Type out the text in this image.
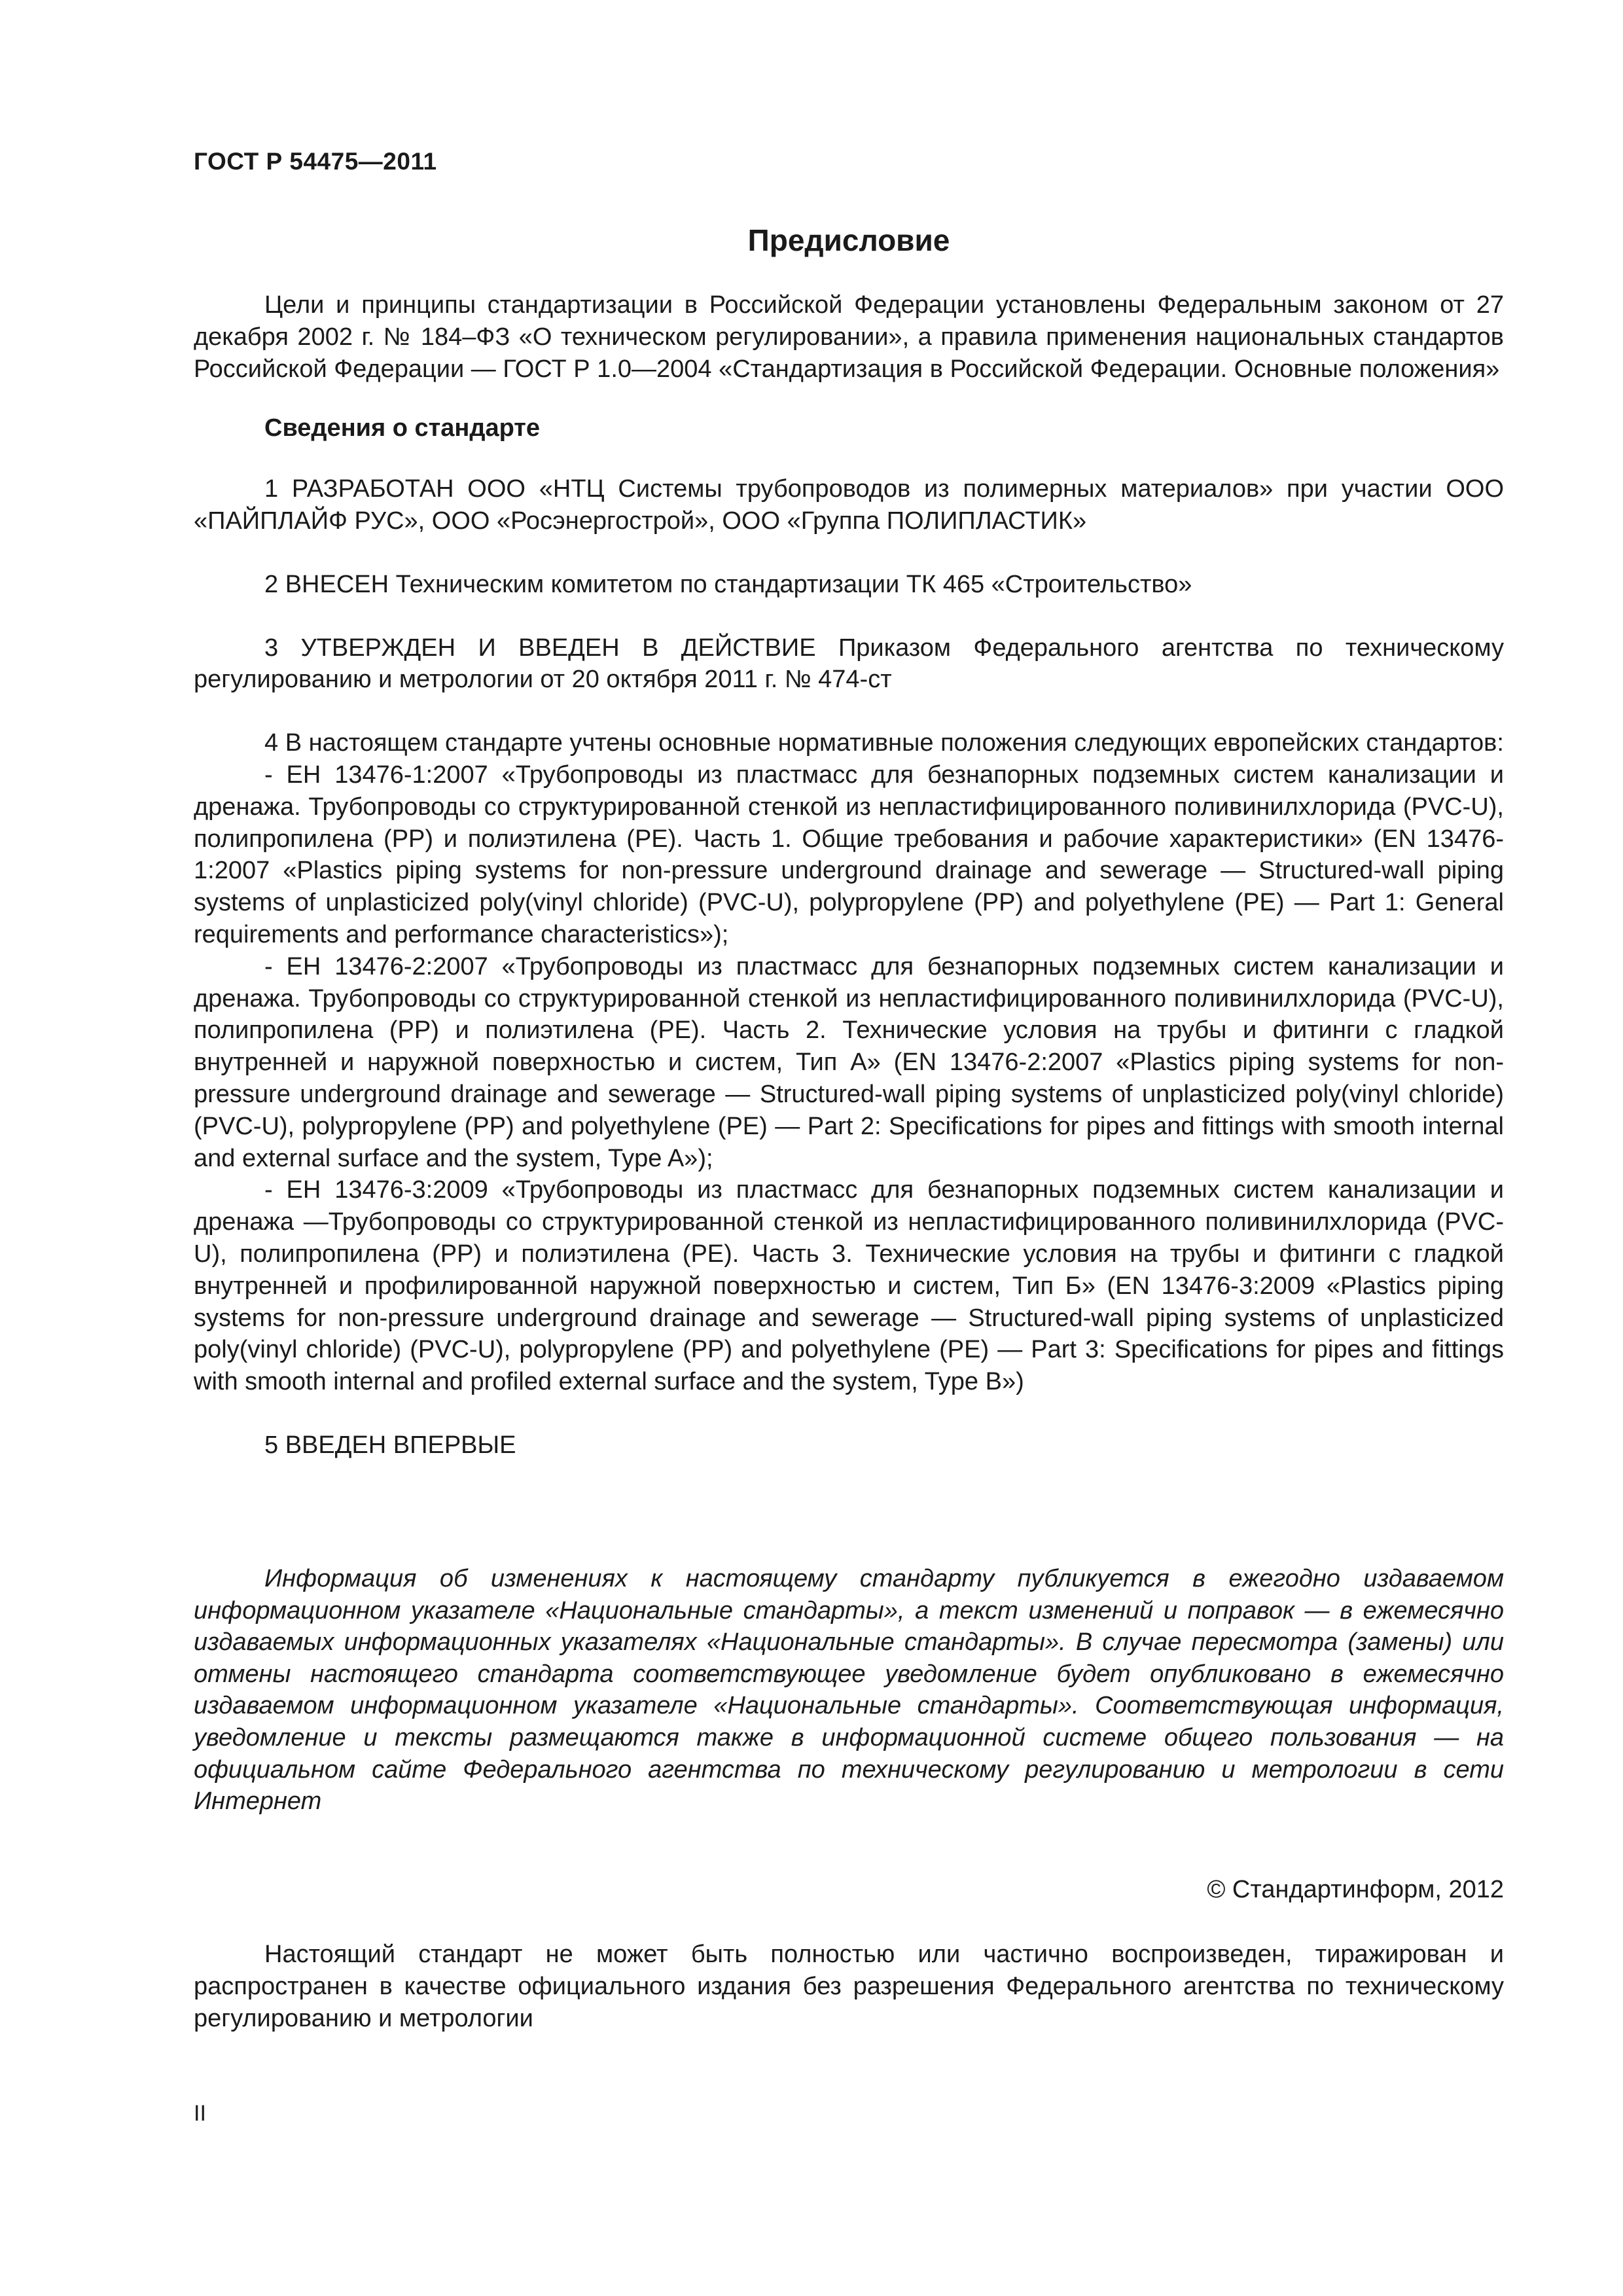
ГОСТ Р 54475—2011
Предисловие

Цели и принципы стандартизации в Российской Федерации установлены Федеральным законом от 27 декабря 2002 г. № 184–ФЗ «О техническом регулировании», а правила применения национальных стандартов Российской Федерации — ГОСТ Р 1.0—2004 «Стандартизация в Российской Федерации. Основные положения»

Сведения о стандарте

1 РАЗРАБОТАН ООО «НТЦ Системы трубопроводов из полимерных материалов» при участии ООО «ПАЙПЛАЙФ РУС», ООО «Росэнергострой», ООО «Группа ПОЛИПЛАСТИК»

2 ВНЕСЕН Техническим комитетом по стандартизации ТК 465 «Строительство»

3 УТВЕРЖДЕН И ВВЕДЕН В ДЕЙСТВИЕ Приказом Федерального агентства по техническому регулированию и метрологии от 20 октября 2011 г. № 474-ст

4 В настоящем стандарте учтены основные нормативные положения следующих европейских стандартов:

- ЕН 13476-1:2007 «Трубопроводы из пластмасс для безнапорных подземных систем канализации и дренажа. Трубопроводы со структурированной стенкой из непластифицированного поливинилхлорида (PVC-U), полипропилена (PP) и полиэтилена (PE). Часть 1. Общие требования и рабочие характеристики» (EN 13476-1:2007 «Plastics piping systems for non-pressure underground drainage and sewerage — Structured-wall piping systems of unplasticized poly(vinyl chloride) (PVC-U), polypropylene (PP) and polyethylene (PE) — Part 1: General requirements and performance characteristics»);

- ЕН 13476-2:2007 «Трубопроводы из пластмасс для безнапорных подземных систем канализации и дренажа. Трубопроводы со структурированной стенкой из непластифицированного поливинилхлорида (PVC-U), полипропилена (PP) и полиэтилена (PE). Часть 2. Технические условия на трубы и фитинги с гладкой внутренней и наружной поверхностью и систем, Тип А» (EN 13476-2:2007 «Plastics piping systems for non-pressure underground drainage and sewerage — Structured-wall piping systems of unplasticized poly(vinyl chloride) (PVC-U), polypropylene (PP) and polyethylene (PE) — Part 2: Specifications for pipes and fittings with smooth internal and external surface and the system, Type A»);

- ЕН 13476-3:2009 «Трубопроводы из пластмасс для безнапорных подземных систем канализации и дренажа —Трубопроводы со структурированной стенкой из непластифицированного поливинилхлорида (PVC-U), полипропилена (PP) и полиэтилена (PE). Часть 3. Технические условия на трубы и фитинги с гладкой внутренней и профилированной наружной поверхностью и систем, Тип Б» (EN 13476-3:2009 «Plastics piping systems for non-pressure underground drainage and sewerage — Structured-wall piping systems of unplasticized poly(vinyl chloride) (PVC-U), polypropylene (PP) and polyethylene (PE) — Part 3: Specifications for pipes and fittings with smooth internal and profiled external surface and the system, Type B»)

5 ВВЕДЕН ВПЕРВЫЕ

Информация об изменениях к настоящему стандарту публикуется в ежегодно издаваемом информационном указателе «Национальные стандарты», а текст изменений и поправок — в ежемесячно издаваемых информационных указателях «Национальные стандарты». В случае пересмотра (замены) или отмены настоящего стандарта соответствующее уведомление будет опубликовано в ежемесячно издаваемом информационном указателе «Национальные стандарты». Соответствующая информация, уведомление и тексты размещаются также в информационной системе общего пользования — на официальном сайте Федерального агентства по техническому регулированию и метрологии в сети Интернет

© Стандартинформ, 2012

Настоящий стандарт не может быть полностью или частично воспроизведен, тиражирован и распространен в качестве официального издания без разрешения Федерального агентства по техническому регулированию и метрологии

II
